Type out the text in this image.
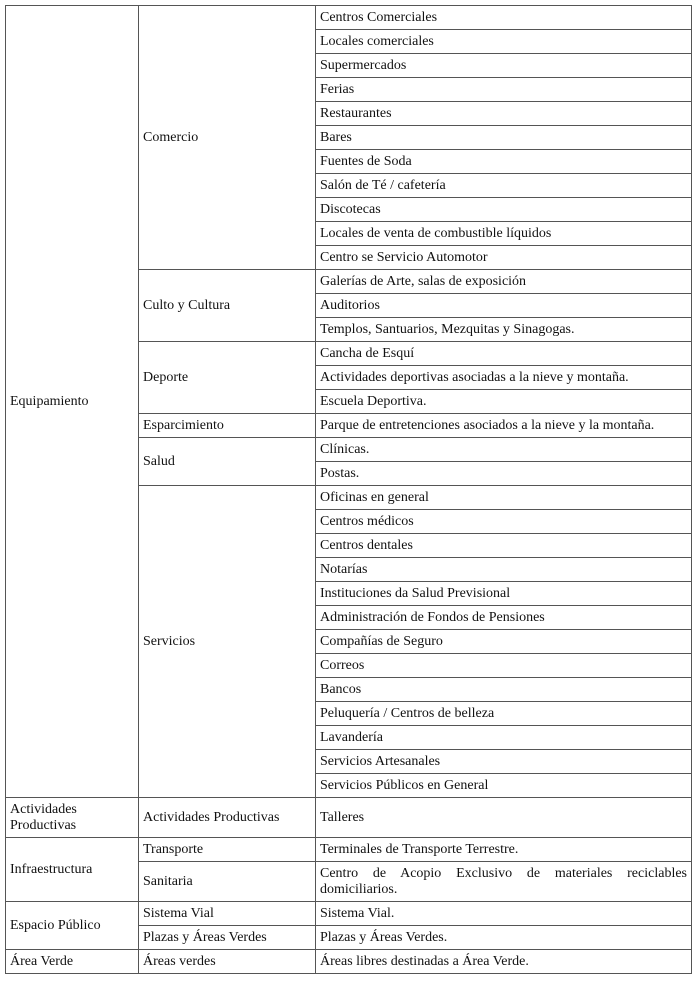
Equipamiento	Comercio	Centros Comerciales
		Locales comerciales
		Supermercados
		Ferias
		Restaurantes
		Bares
		Fuentes de Soda
		Salón de Té / cafetería
		Discotecas
		Locales de venta de combustible líquidos
		Centro se Servicio Automotor
	Culto y Cultura	Galerías de Arte, salas de exposición
		Auditorios
		Templos, Santuarios, Mezquitas y Sinagogas.
	Deporte	Cancha de Esquí
		Actividades deportivas asociadas a la nieve y montaña.
		Escuela Deportiva.
	Esparcimiento	Parque de entretenciones asociados a la nieve y la montaña.
	Salud	Clínicas.
		Postas.
	Servicios	Oficinas en general
		Centros médicos
		Centros dentales
		Notarías
		Instituciones da Salud Previsional
		Administración de Fondos de Pensiones
		Compañías de Seguro
		Correos
		Bancos
		Peluquería / Centros de belleza
		Lavandería
		Servicios Artesanales
		Servicios Públicos en General
Actividades Productivas	Actividades Productivas	Talleres
Infraestructura	Transporte	Terminales de Transporte Terrestre.
	Sanitaria	Centro de Acopio Exclusivo de materiales reciclables domiciliarios.
Espacio Público	Sistema Vial	Sistema Vial.
	Plazas y Áreas Verdes	Plazas y Áreas Verdes.
Área Verde	Áreas verdes	Áreas libres destinadas a Área Verde.
